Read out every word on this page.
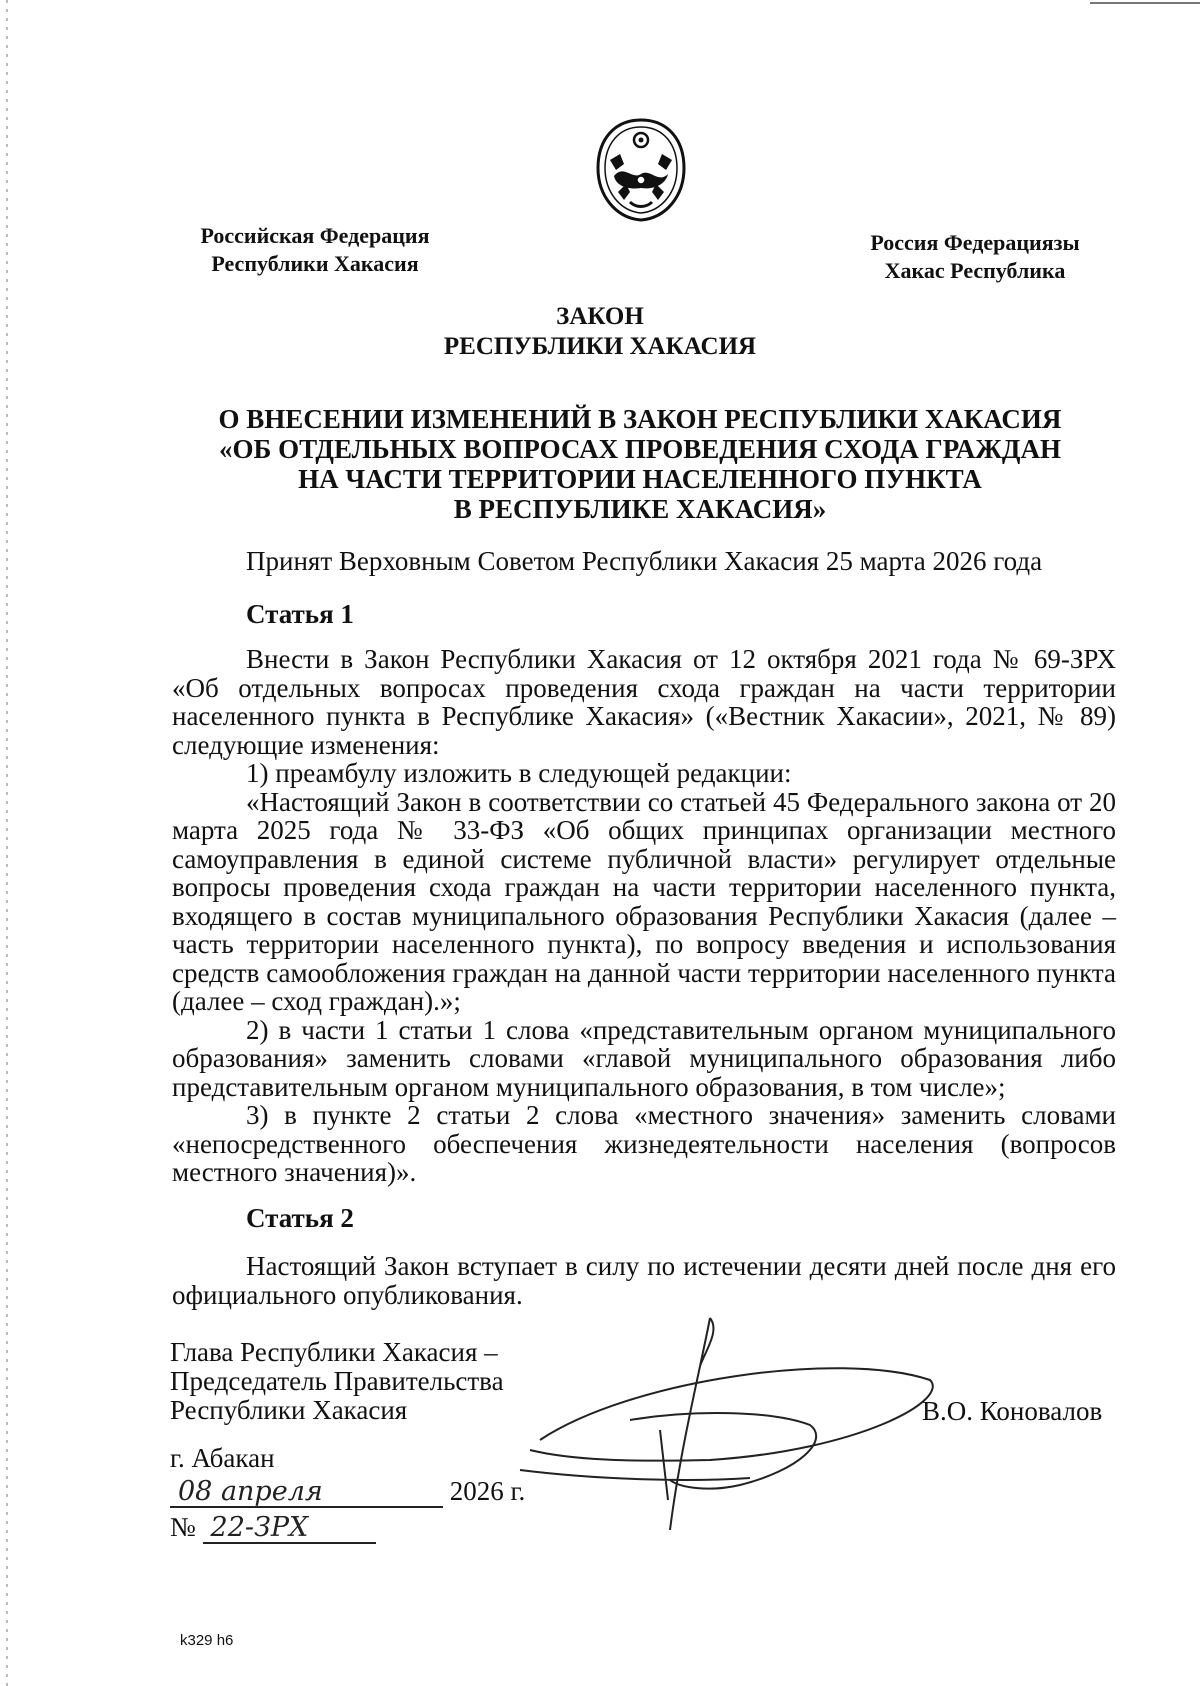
Российская Федерация
Республики Хакасия
Россия Федерациязы
Хакас Республика
ЗАКОН
РЕСПУБЛИКИ ХАКАСИЯ
О ВНЕСЕНИИ ИЗМЕНЕНИЙ В ЗАКОН РЕСПУБЛИКИ ХАКАСИЯ
«ОБ ОТДЕЛЬНЫХ ВОПРОСАХ ПРОВЕДЕНИЯ СХОДА ГРАЖДАН
НА ЧАСТИ ТЕРРИТОРИИ НАСЕЛЕННОГО ПУНКТА
В РЕСПУБЛИКЕ ХАКАСИЯ»
Принят Верховным Советом Республики Хакасия 25 марта 2026 года
Статья 1

Внести в Закон Республики Хакасия от 12 октября 2021 года № 69-ЗРХ «Об отдельных вопросах проведения схода граждан на части территории населенного пункта в Республике Хакасия» («Вестник Хакасии», 2021, № 89) следующие изменения:

1) преамбулу изложить в следующей редакции:

«Настоящий Закон в соответствии со статьей 45 Федерального закона от 20 марта 2025 года № 33-ФЗ «Об общих принципах организации местного самоуправления в единой системе публичной власти» регулирует отдельные вопросы проведения схода граждан на части территории населенного пункта, входящего в состав муниципального образования Республики Хакасия (далее – часть территории населенного пункта), по вопросу введения и использования средств самообложения граждан на данной части территории населенного пункта (далее – сход граждан).»;

2) в части 1 статьи 1 слова «представительным органом муниципального образования» заменить словами «главой муниципального образования либо представительным органом муниципального образования, в том числе»;

3) в пункте 2 статьи 2 слова «местного значения» заменить словами «непосредственного обеспечения жизнедеятельности населения (вопросов местного значения)».

Статья 2

Настоящий Закон вступает в силу по истечении десяти дней после дня его официального опубликования.

Глава Республики Хакасия –
Председатель Правительства
Республики Хакасия	В.О. Коновалов
г. Абакан
08 апреля	2026 г.
№ 22-ЗРХ
k329 h6
